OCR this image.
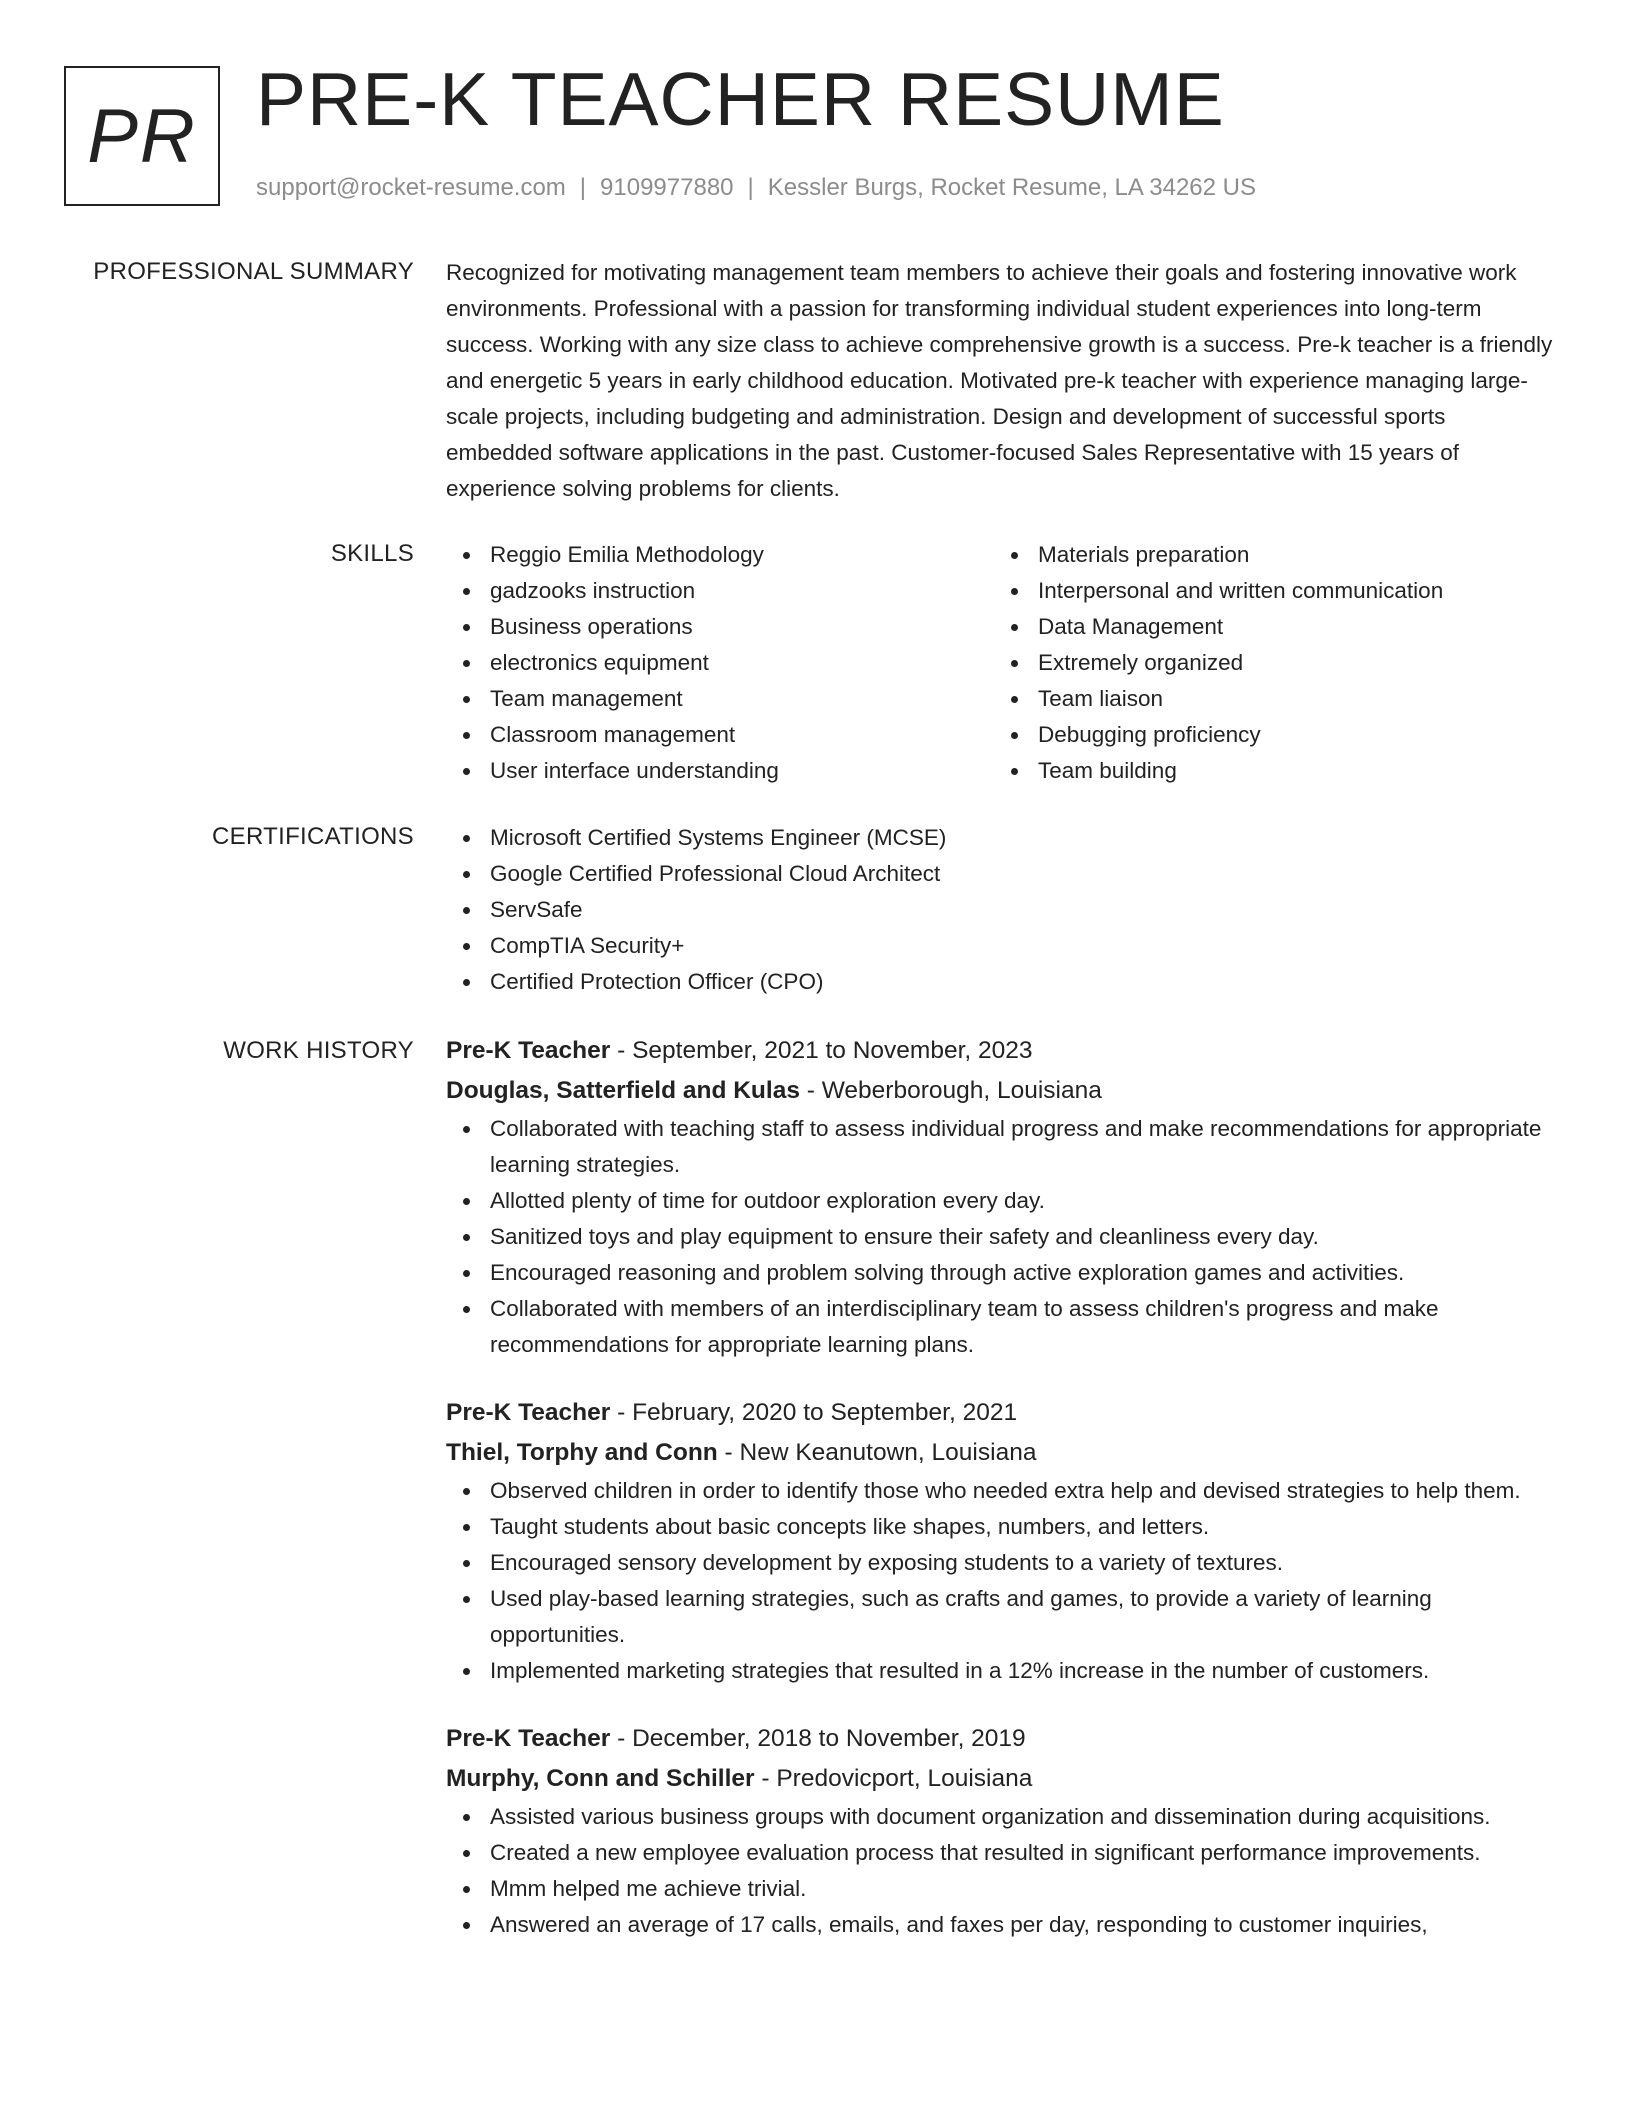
PR PRE-K TEACHER RESUME
support@rocket-resume.com | 9109977880 | Kessler Burgs, Rocket Resume, LA 34262 US
PROFESSIONAL SUMMARY Recognized for motivating management team members to achieve their goals and fostering innovative work environments. Professional with a passion for transforming individual student experiences into long-term success. Working with any size class to achieve comprehensive growth is a success. Pre-k teacher is a friendly and energetic 5 years in early childhood education. Motivated pre-k teacher with experience managing large-scale projects, including budgeting and administration. Design and development of successful sports embedded software applications in the past. Customer-focused Sales Representative with 15 years of experience solving problems for clients.

SKILLS	Reggio Emilia Methodology
gadzooks instruction
Business operations
electronics equipment
Team management
Classroom management
User interface understanding
Materials preparation
Interpersonal and written communication
Data Management
Extremely organized
Team liaison
Debugging proficiency
Team building
CERTIFICATIONS	Microsoft Certified Systems Engineer (MCSE)
Google Certified Professional Cloud Architect
ServSafe
CompTIA Security+
Certified Protection Officer (CPO)
WORK HISTORY Pre-K Teacher - September, 2021 to November, 2023
Douglas, Satterfield and Kulas - Weberborough, Louisiana
Collaborated with teaching staff to assess individual progress and make recommendations for appropriate learning strategies.
Allotted plenty of time for outdoor exploration every day.
Sanitized toys and play equipment to ensure their safety and cleanliness every day.
Encouraged reasoning and problem solving through active exploration games and activities.
Collaborated with members of an interdisciplinary team to assess children's progress and make recommendations for appropriate learning plans.
Pre-K Teacher - February, 2020 to September, 2021
Thiel, Torphy and Conn - New Keanutown, Louisiana
Observed children in order to identify those who needed extra help and devised strategies to help them.
Taught students about basic concepts like shapes, numbers, and letters.
Encouraged sensory development by exposing students to a variety of textures.
Used play-based learning strategies, such as crafts and games, to provide a variety of learning opportunities.
Implemented marketing strategies that resulted in a 12% increase in the number of customers.
Pre-K Teacher - December, 2018 to November, 2019
Murphy, Conn and Schiller - Predovicport, Louisiana
Assisted various business groups with document organization and dissemination during acquisitions.
Created a new employee evaluation process that resulted in significant performance improvements.
Mmm helped me achieve trivial.
Answered an average of 17 calls, emails, and faxes per day, responding to customer inquiries,
